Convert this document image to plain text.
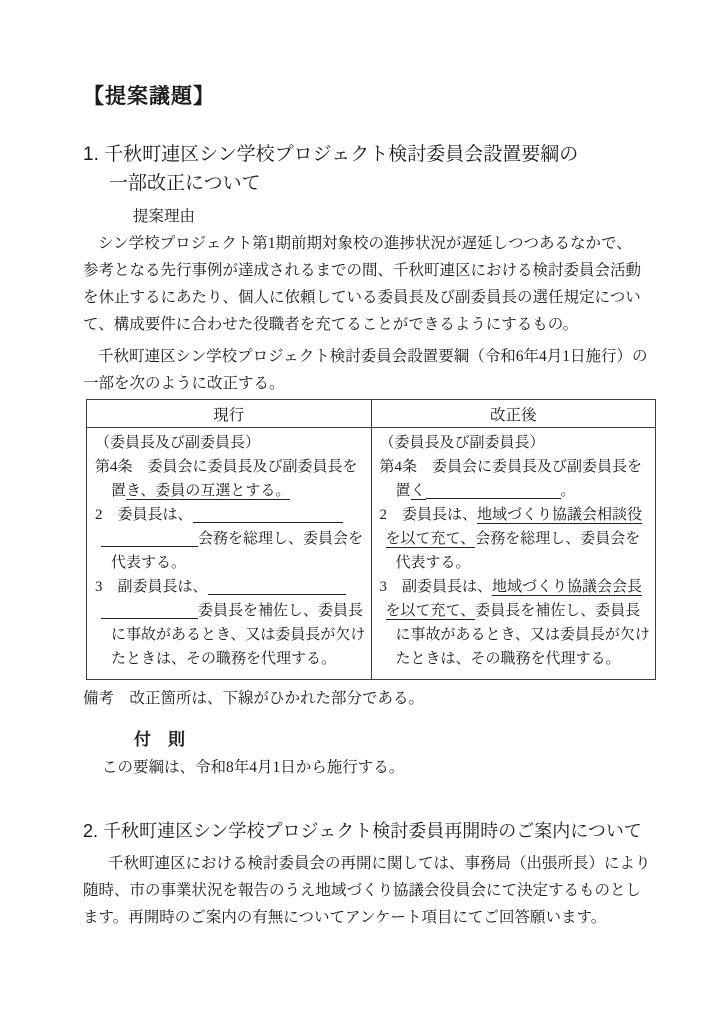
【提案議題】
1. 千秋町連区シン学校プロジェクト検討委員会設置要綱の
一部改正について
提案理由
シン学校プロジェクト第1期前期対象校の進捗状況が遅延しつつあるなかで、
参考となる先行事例が達成されるまでの間、千秋町連区における検討委員会活動
を休止するにあたり、個人に依頼している委員長及び副委員長の選任規定につい
て、構成要件に合わせた役職者を充てることができるようにするもの。
千秋町連区シン学校プロジェクト検討委員会設置要綱（令和6年4月1日施行）の
一部を次のように改正する。
現行	改正後

（委員長及び副委員長）
第4条　委員会に委員長及び副委員長を
置き、委員の互選とする。
2　委員長は、
会務を総理し、委員会を
代表する。
3　副委員長は、
委員長を補佐し、委員長
に事故があるとき、又は委員長が欠け
たときは、その職務を代理する。

（委員長及び副委員長）
第4条　委員会に委員長及び副委員長を
置く	。
2　委員長は、地域づくり協議会相談役
を以て充て、会務を総理し、委員会を
代表する。
3　副委員長は、地域づくり協議会会長
を以て充て、委員長を補佐し、委員長
に事故があるとき、又は委員長が欠け
たときは、その職務を代理する。
備考　改正箇所は、下線がひかれた部分である。
付　則
この要綱は、令和8年4月1日から施行する。
2. 千秋町連区シン学校プロジェクト検討委員再開時のご案内について
千秋町連区における検討委員会の再開に関しては、事務局（出張所長）により
随時、市の事業状況を報告のうえ地域づくり協議会役員会にて決定するものとし
ます。再開時のご案内の有無についてアンケート項目にてご回答願います。
